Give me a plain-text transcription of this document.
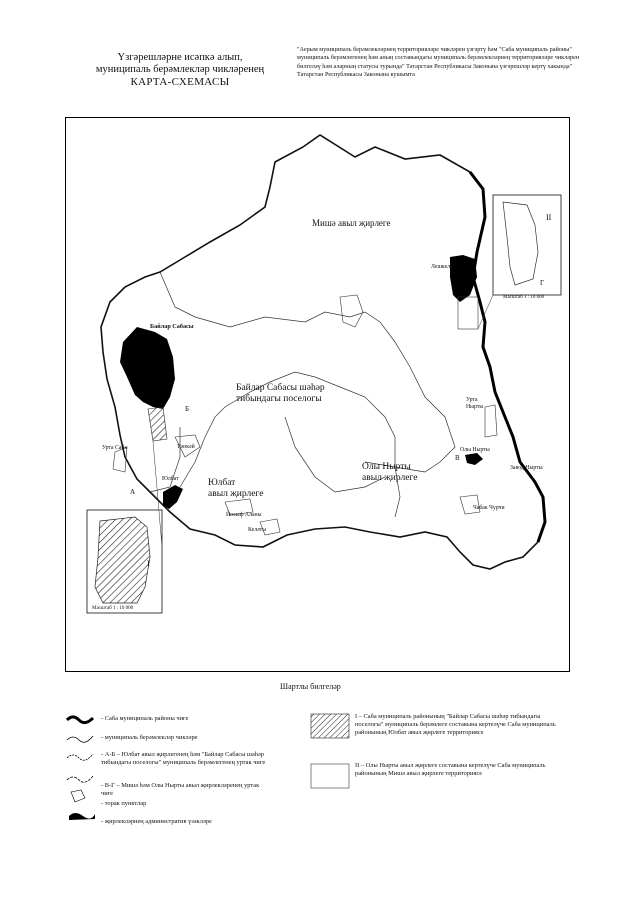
Үзгәрешләрне исәпкә алып,
муниципаль берәмлекләр чикләренең
КАРТА-СХЕМАСЫ
"Аерым муниципаль берәмлекләрнең территорияләре чикләрен үзгәртү һәм "Саба муниципаль районы" муниципаль берәмлегенең һәм аның составындагы муниципаль берәмлекләрнең территорияләре чикләрен билгеләү һәм аларның статусы турында" Татарстан Республикасы Законына үзгәрешләр кертү хакында" Татарстан Республикасы Законына кушымта
Мишә авыл җирлеге
Байлар Сабасы
Байлар Сабасы шәһәр
тибындагы поселогы
Юлбат
авыл җирлеге
Юлбат
Олы Нырты
авыл җирлеге
Олы Нырты
Урта Саба	Тәнкәй
Лешкелә
Йосыф Аланы
Келәты
Урта
Нырты
Завод Нырты
Чабак Чурчи
А
Б
В
Г
I
II
Масштаб 1 : 10 000
Масштаб 1 : 10 000
Шартлы билгеләр
- Саба муниципаль районы чиге
- муниципаль берәмлекләр чикләре
- А-Б – Юлбат авыл җирлегенең һәм "Байлар Сабасы шәһәр тибындагы поселогы" муниципаль берәмлегенең уртак чиге
- В-Г – Мишә һәм Олы Нырты авыл җирлекләренең уртак чиге
- торак пунктлар
- җирлекләрнең административ үзәкләре
I – Саба муниципаль районының "Байлар Сабасы шәһәр тибындагы поселогы" муниципаль берәмлеге составына кертелүче Саба муниципаль районының Юлбат авыл җирлеге территориясе
II – Олы Нырты авыл җирлеге составына кертелүче Саба муниципаль районының Мишә авыл җирлеге территориясе
